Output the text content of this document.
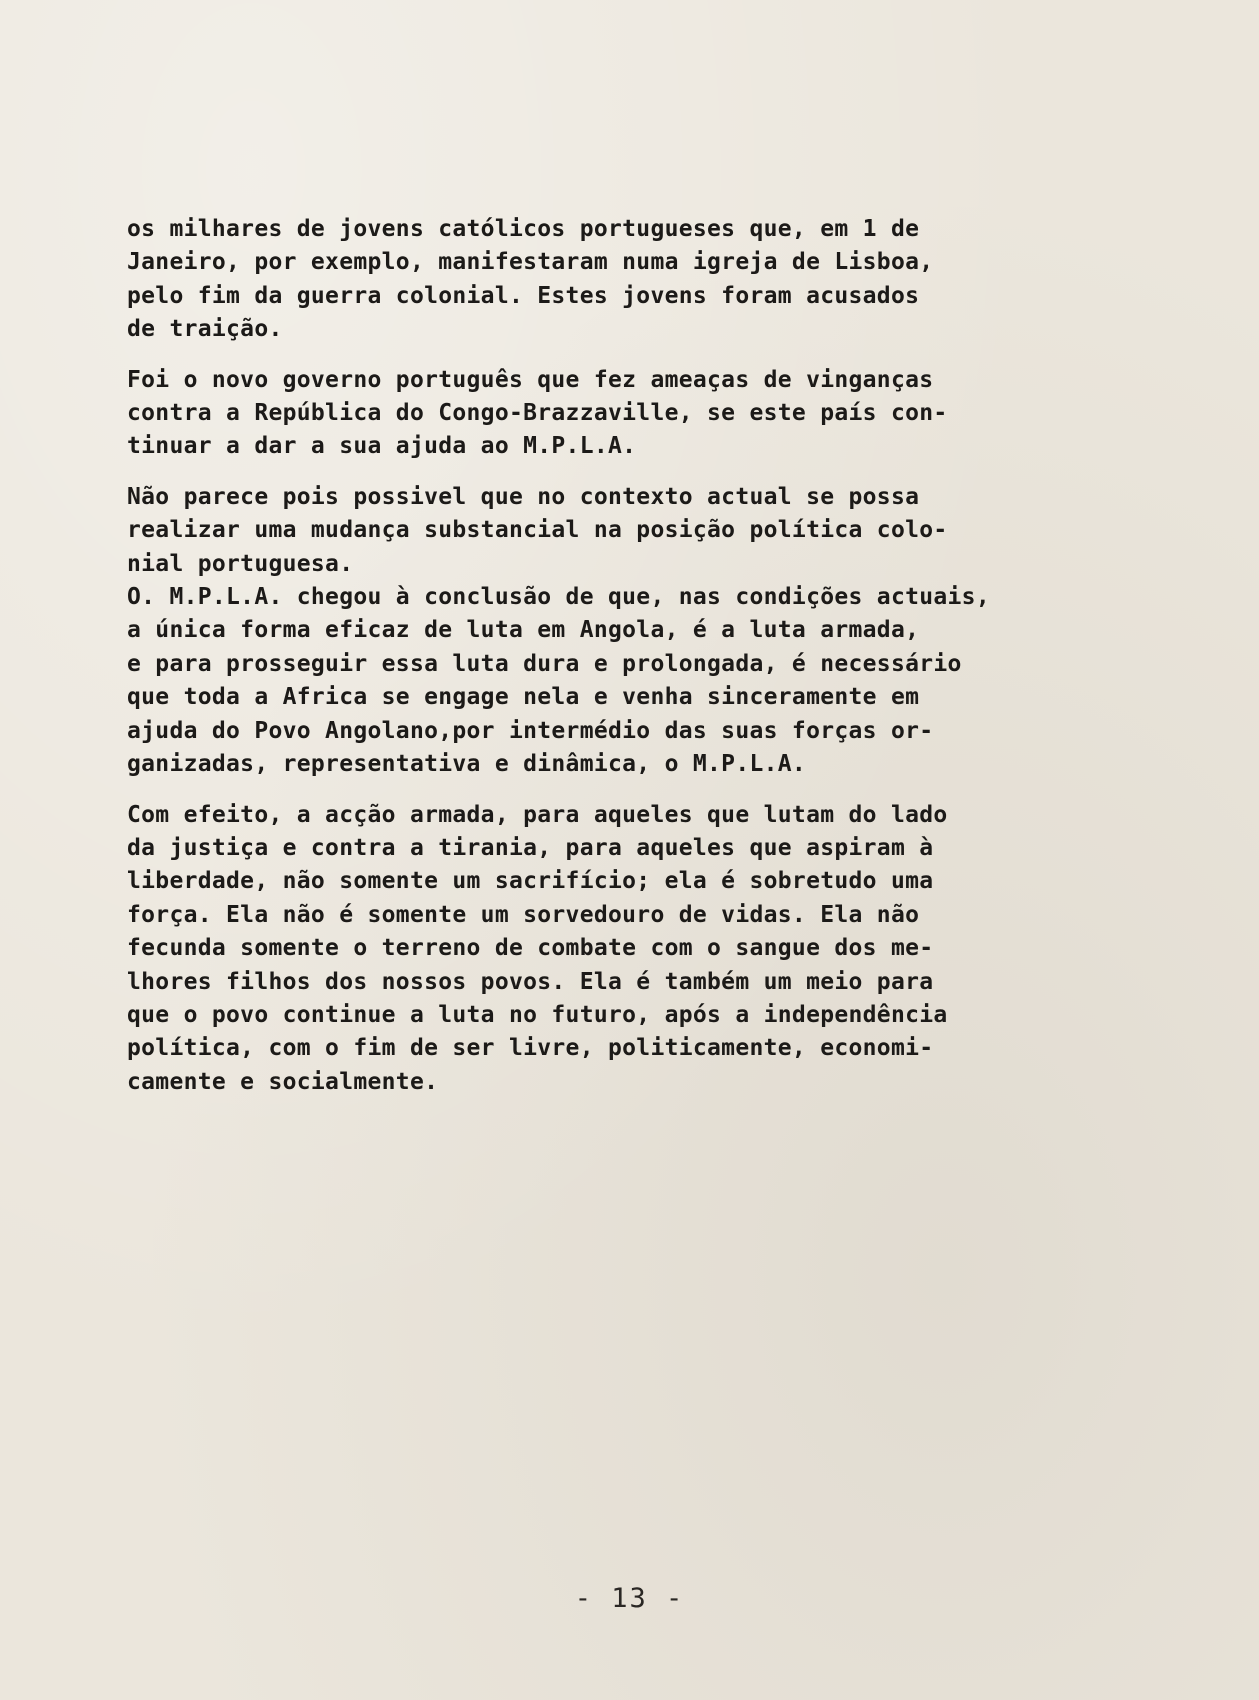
os milhares de jovens católicos portugueses que, em 1 de
Janeiro, por exemplo, manifestaram numa igreja de Lisboa,
pelo fim da guerra colonial. Estes jovens foram acusados
de traição.
Foi o novo governo português que fez ameaças de vinganças
contra a República do Congo-Brazzaville, se este país con-
tinuar a dar a sua ajuda ao M.P.L.A.
Não parece pois possivel que no contexto actual se possa
realizar uma mudança substancial na posição política colo-
nial portuguesa.
O. M.P.L.A. chegou à conclusão de que, nas condições actuais,
a única forma eficaz de luta em Angola, é a luta armada,
e para prosseguir essa luta dura e prolongada, é necessário
que toda a Africa se engage nela e venha sinceramente em
ajuda do Povo Angolano,por intermédio das suas forças or-
ganizadas, representativa e dinâmica, o M.P.L.A.
Com efeito, a acção armada, para aqueles que lutam do lado
da justiça e contra a tirania, para aqueles que aspiram à
liberdade, não somente um sacrifício; ela é sobretudo uma
força. Ela não é somente um sorvedouro de vidas. Ela não
fecunda somente o terreno de combate com o sangue dos me-
lhores filhos dos nossos povos. Ela é também um meio para
que o povo continue a luta no futuro, após a independência
política, com o fim de ser livre, politicamente, economi-
camente e socialmente.
- 13 -
